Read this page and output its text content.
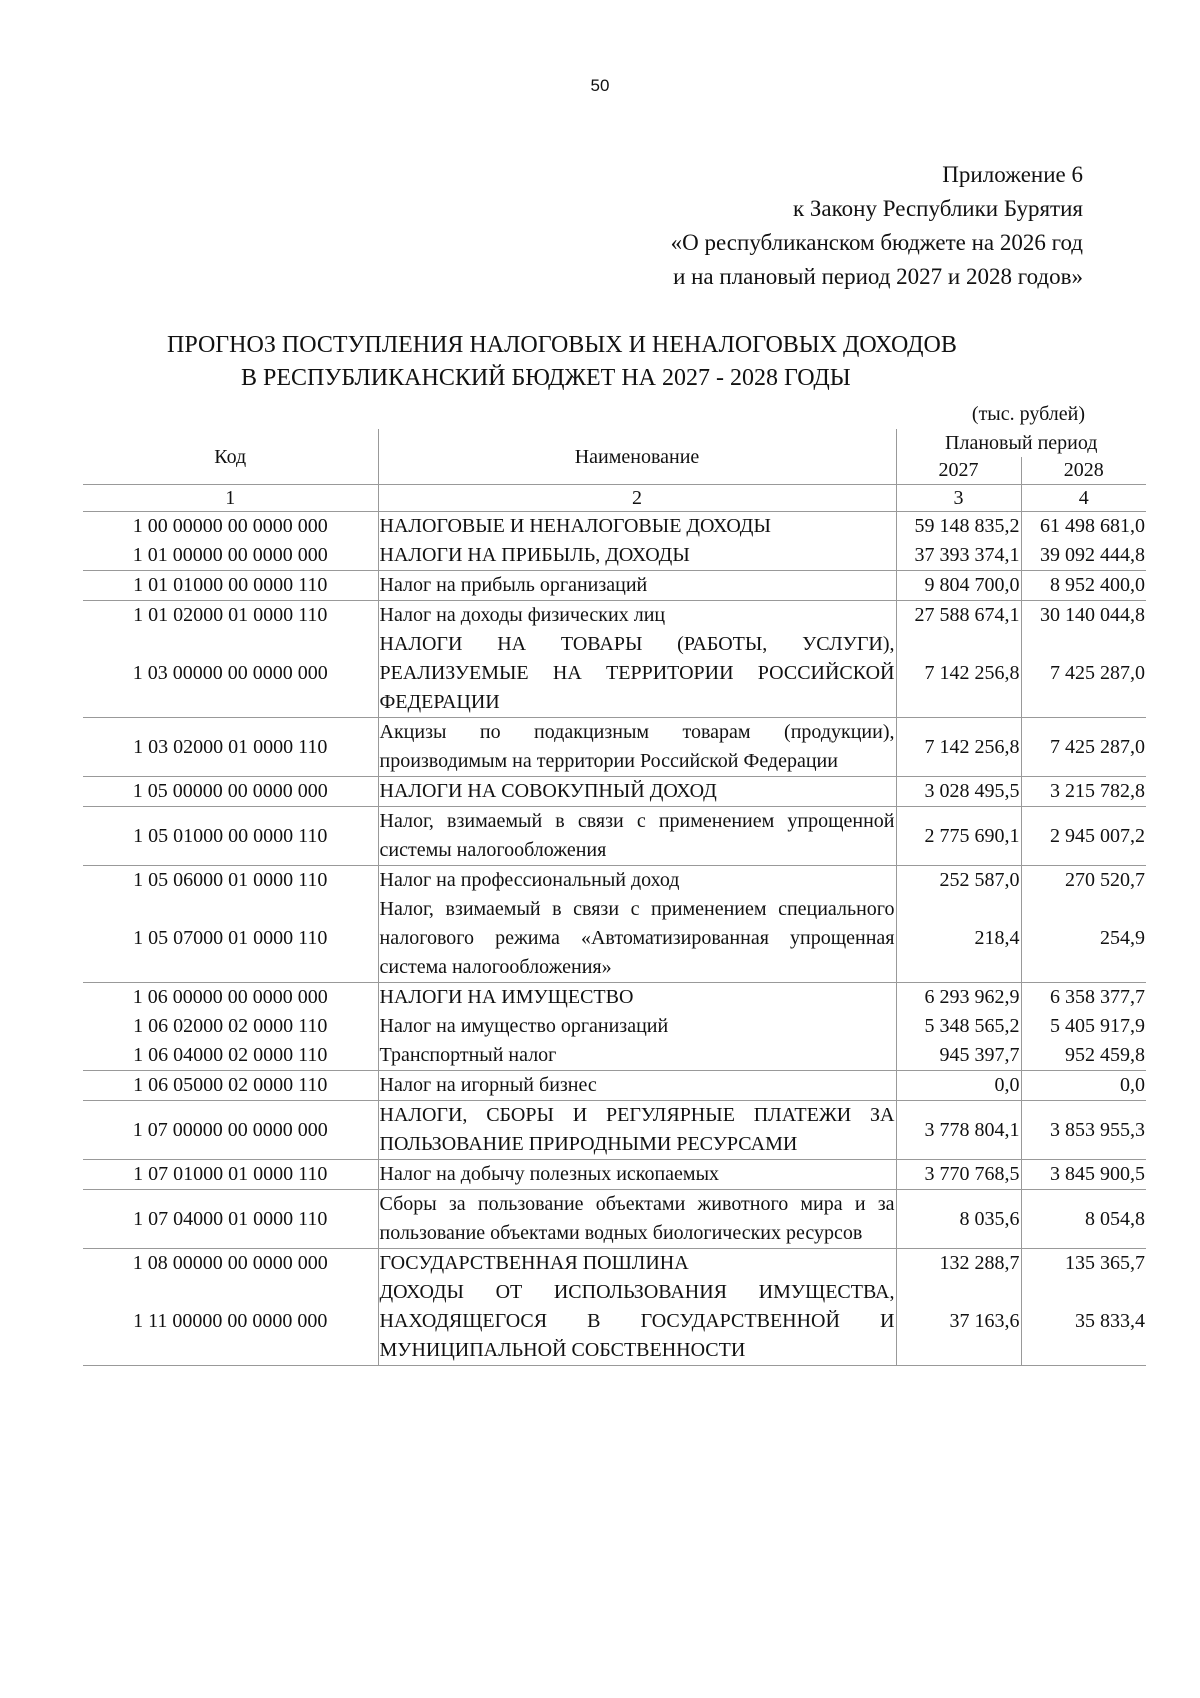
50
Приложение 6
к Закону Республики Бурятия
«О республиканском бюджете на 2026 год
и на плановый период 2027 и 2028 годов»
ПРОГНОЗ ПОСТУПЛЕНИЯ НАЛОГОВЫХ И НЕНАЛОГОВЫХ ДОХОДОВ
В РЕСПУБЛИКАНСКИЙ БЮДЖЕТ НА 2027 - 2028 ГОДЫ
(тыс. рублей)
Код	Наименование	Плановый период	
		2027	2028
1	2	3	4
1 00 00000 00 0000 000	НАЛОГОВЫЕ И НЕНАЛОГОВЫЕ ДОХОДЫ	59 148 835,2	61 498 681,0
1 01 00000 00 0000 000	НАЛОГИ НА ПРИБЫЛЬ, ДОХОДЫ	37 393 374,1	39 092 444,8
1 01 01000 00 0000 110	Налог на прибыль организаций	9 804 700,0	8 952 400,0
1 01 02000 01 0000 110	Налог на доходы физических лиц	27 588 674,1	30 140 044,8
1 03 00000 00 0000 000	НАЛОГИ НА ТОВАРЫ (РАБОТЫ, УСЛУГИ), РЕАЛИЗУЕМЫЕ НА ТЕРРИТОРИИ РОССИЙСКОЙ ФЕДЕРАЦИИ	7 142 256,8	7 425 287,0
1 03 02000 01 0000 110	Акцизы по подакцизным товарам (продукции), производимым на территории Российской Федерации	7 142 256,8	7 425 287,0
1 05 00000 00 0000 000	НАЛОГИ НА СОВОКУПНЫЙ ДОХОД	3 028 495,5	3 215 782,8
1 05 01000 00 0000 110	Налог, взимаемый в связи с применением упрощенной системы налогообложения	2 775 690,1	2 945 007,2
1 05 06000 01 0000 110	Налог на профессиональный доход	252 587,0	270 520,7
1 05 07000 01 0000 110	Налог, взимаемый в связи с применением специального налогового режима «Автоматизированная упрощенная система налогообложения»	218,4	254,9
1 06 00000 00 0000 000	НАЛОГИ НА ИМУЩЕСТВО	6 293 962,9	6 358 377,7
1 06 02000 02 0000 110	Налог на имущество организаций	5 348 565,2	5 405 917,9
1 06 04000 02 0000 110	Транспортный налог	945 397,7	952 459,8
1 06 05000 02 0000 110	Налог на игорный бизнес	0,0	0,0
1 07 00000 00 0000 000	НАЛОГИ, СБОРЫ И РЕГУЛЯРНЫЕ ПЛАТЕЖИ ЗА ПОЛЬЗОВАНИЕ ПРИРОДНЫМИ РЕСУРСАМИ	3 778 804,1	3 853 955,3
1 07 01000 01 0000 110	Налог на добычу полезных ископаемых	3 770 768,5	3 845 900,5
1 07 04000 01 0000 110	Сборы за пользование объектами животного мира и за пользование объектами водных биологических ресурсов	8 035,6	8 054,8
1 08 00000 00 0000 000	ГОСУДАРСТВЕННАЯ ПОШЛИНА	132 288,7	135 365,7
1 11 00000 00 0000 000	ДОХОДЫ ОТ ИСПОЛЬЗОВАНИЯ ИМУЩЕСТВА, НАХОДЯЩЕГОСЯ В ГОСУДАРСТВЕННОЙ И МУНИЦИПАЛЬНОЙ СОБСТВЕННОСТИ	37 163,6	35 833,4
